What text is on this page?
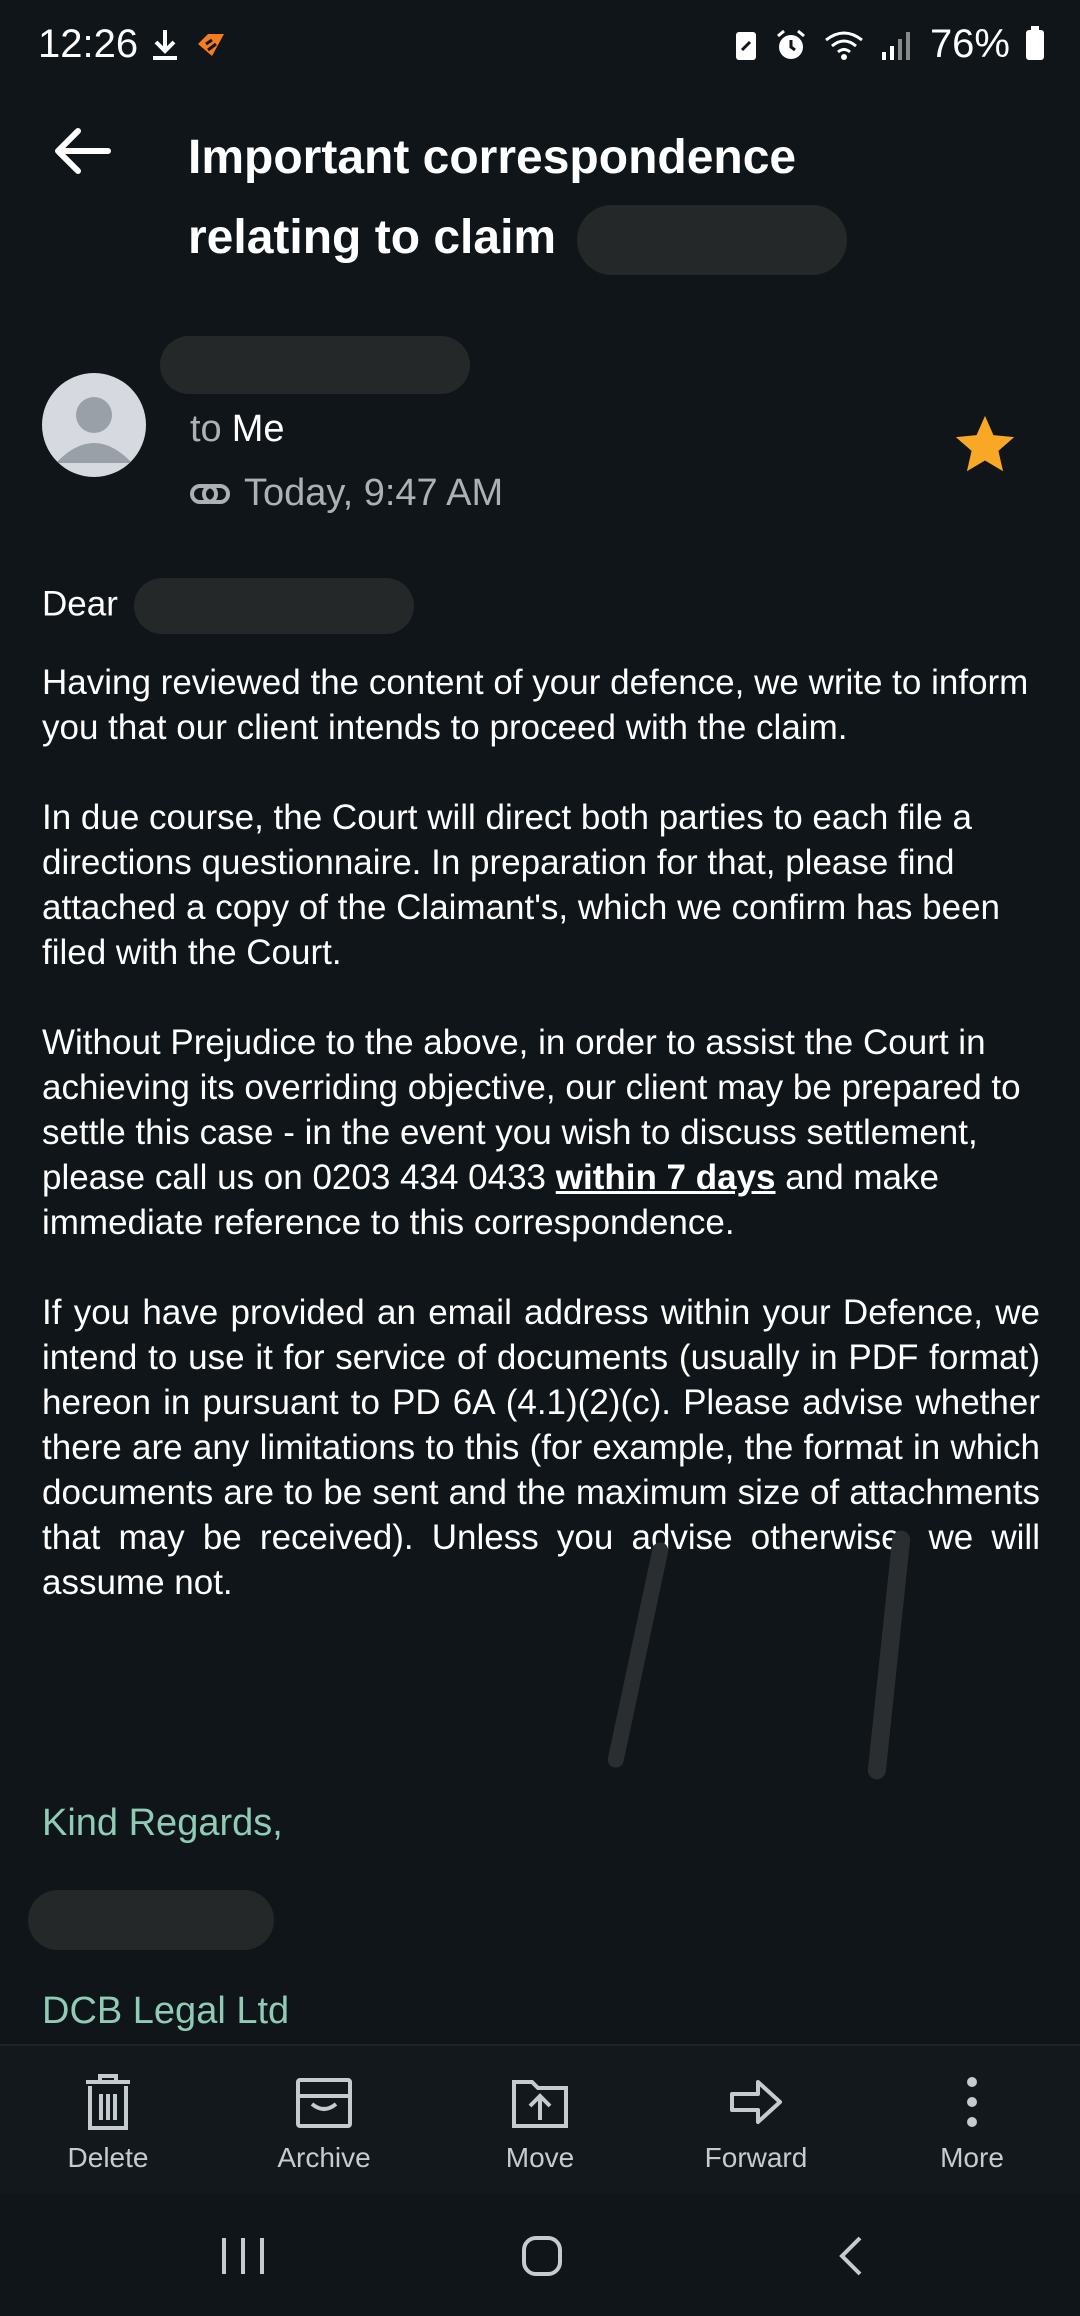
12:26	76%
Important correspondence
relating to claim
to Me
Today, 9:47 AM

Dear

Having reviewed the content of your defence, we write to inform you that our client intends to proceed with the claim.

In due course, the Court will direct both parties to each file a directions questionnaire. In preparation for that, please find attached a copy of the Claimant's, which we confirm has been filed with the Court.

Without Prejudice to the above, in order to assist the Court in achieving its overriding objective, our client may be prepared to settle this case - in the event you wish to discuss settlement, please call us on 0203 434 0433 within 7 days and make immediate reference to this correspondence.

If you have provided an email address within your Defence, we intend to use it for service of documents (usually in PDF format) hereon in pursuant to PD 6A (4.1)(2)(c). Please advise whether there are any limitations to this (for example, the format in which documents are to be sent and the maximum size of attachments that may be received). Unless you advise otherwise, we will assume not.

Kind Regards,
DCB Legal Ltd
Delete	Archive	Move	Forward	More
